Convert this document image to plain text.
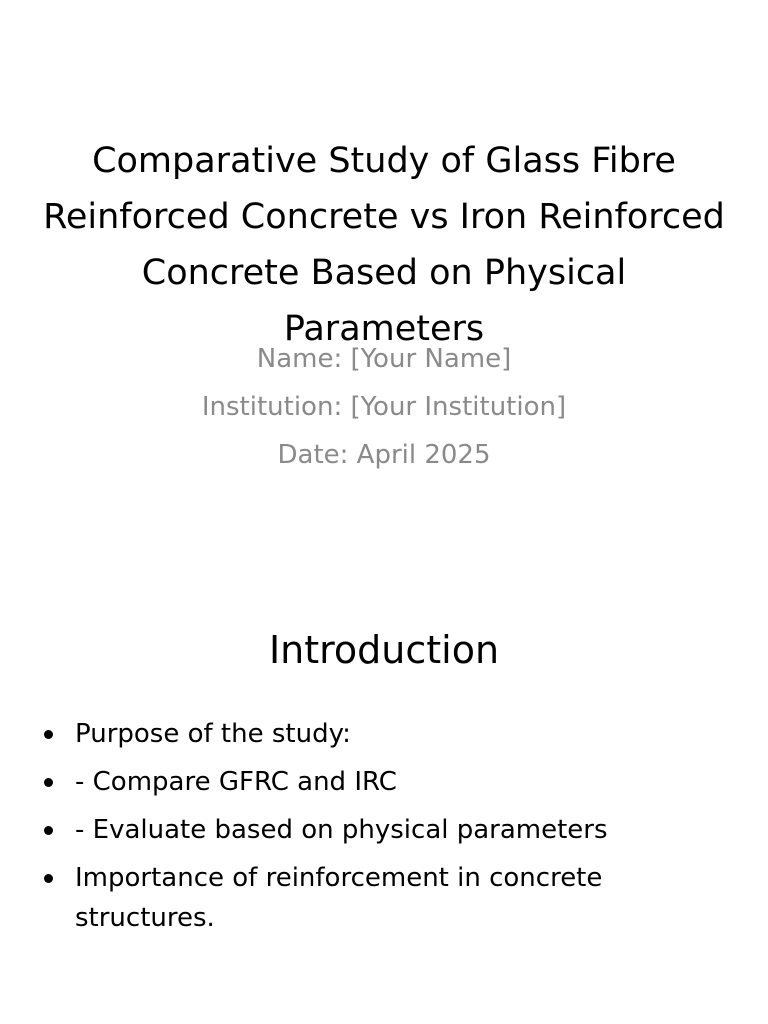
Comparative Study of Glass Fibre Reinforced Concrete vs Iron Reinforced Concrete Based on Physical Parameters
Name: [Your Name]
Institution: [Your Institution]
Date: April 2025
Introduction
Purpose of the study:
- Compare GFRC and IRC
- Evaluate based on physical parameters
Importance of reinforcement in concrete structures.
